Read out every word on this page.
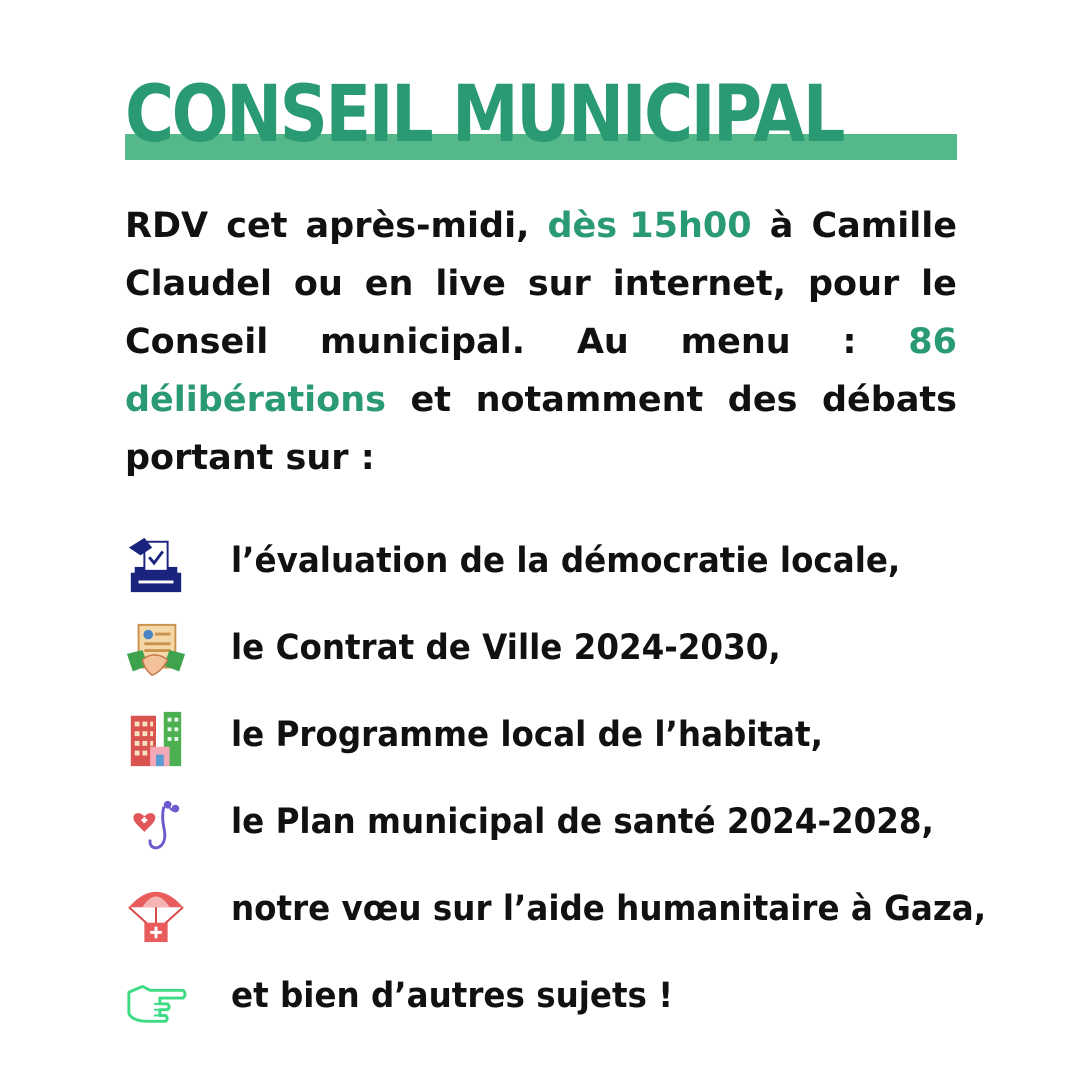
CONSEIL MUNICIPAL
RDV cet après-midi, dès 15h00 à Camille
Claudel ou en live sur internet, pour le
Conseil municipal. Au menu : 86
délibérations et notamment des débats
portant sur :
l’évaluation de la démocratie locale,
le Contrat de Ville 2024-2030,
le Programme local de l’habitat,
le Plan municipal de santé 2024-2028,
notre vœu sur l’aide humanitaire à Gaza,
et bien d’autres sujets !
